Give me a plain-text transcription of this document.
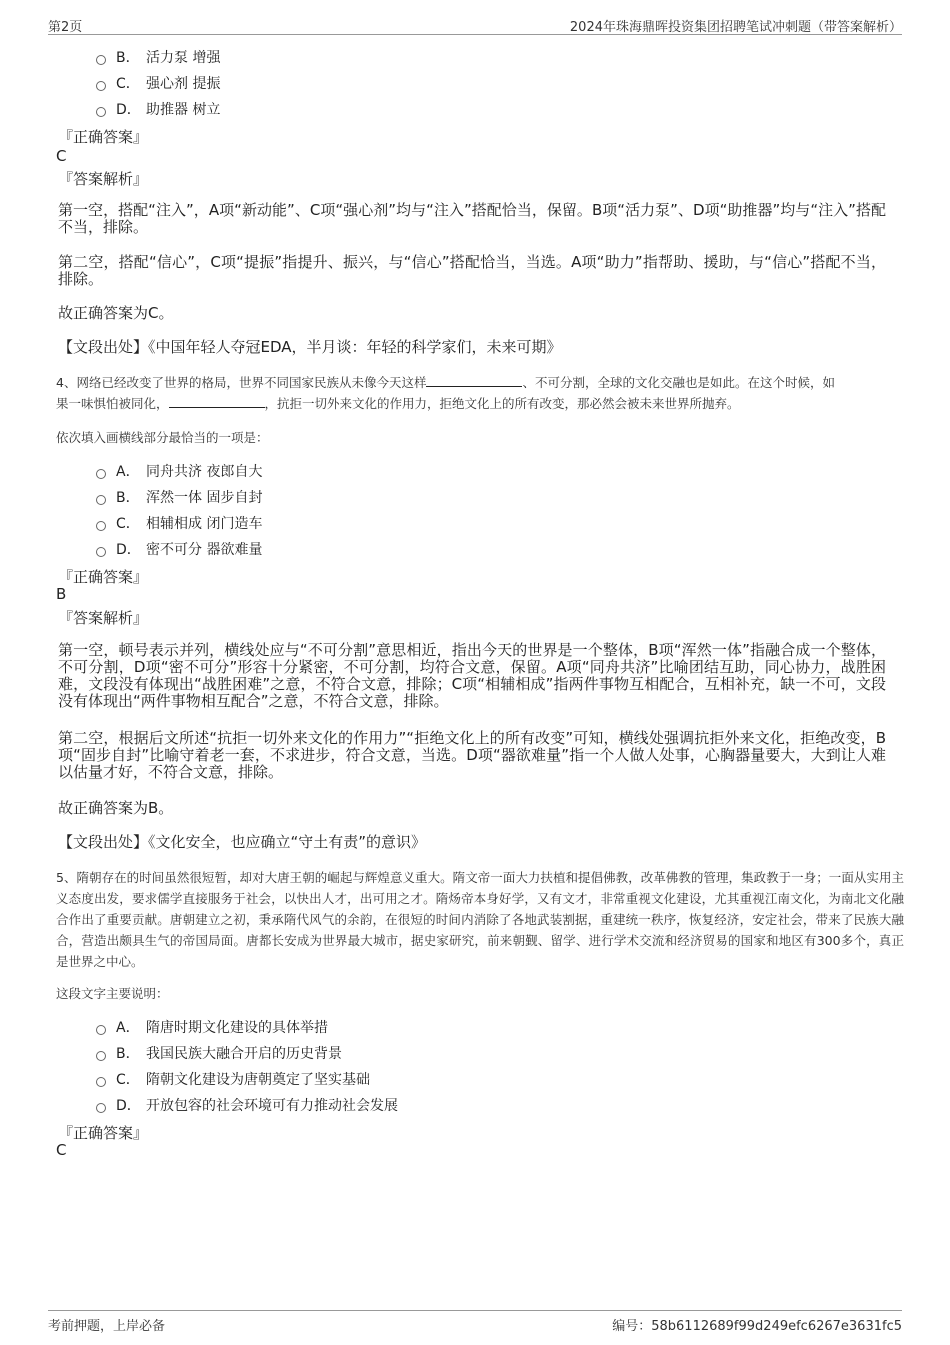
第2页	2024年珠海鼎晖投资集团招聘笔试冲刺题（带答案解析）
B． 活力泵 增强
C． 强心剂 提振
D． 助推器 树立
『正确答案』
C
『答案解析』
第一空，搭配“注入”，A项“新动能”、C项“强心剂”均与“注入”搭配恰当，保留。B项“活力泵”、D项“助推器”均与“注入”搭配不当，排除。
第二空，搭配“信心”，C项“提振”指提升、振兴，与“信心”搭配恰当，当选。A项“助力”指帮助、援助，与“信心”搭配不当，排除。
故正确答案为C。
【文段出处】《中国年轻人夺冠EDA，半月谈：年轻的科学家们，未来可期》
4、网络已经改变了世界的格局，世界不同国家民族从未像今天这样	、不可分割，全球的文化交融也是如此。在这个时候，如
果一味惧怕被同化，	，抗拒一切外来文化的作用力，拒绝文化上的所有改变，那必然会被未来世界所抛弃。
依次填入画横线部分最恰当的一项是：
A． 同舟共济 夜郎自大
B． 浑然一体 固步自封
C． 相辅相成 闭门造车
D． 密不可分 器欲难量
『正确答案』
B
『答案解析』
第一空，顿号表示并列，横线处应与“不可分割”意思相近，指出今天的世界是一个整体，B项“浑然一体”指融合成一个整体，不可分割，D项“密不可分”形容十分紧密，不可分割，均符合文意，保留。A项“同舟共济”比喻团结互助，同心协力，战胜困难，文段没有体现出“战胜困难”之意，不符合文意，排除；C项“相辅相成”指两件事物互相配合，互相补充，缺一不可，文段没有体现出“两件事物相互配合”之意，不符合文意，排除。
第二空，根据后文所述“抗拒一切外来文化的作用力”“拒绝文化上的所有改变”可知，横线处强调抗拒外来文化，拒绝改变，B项“固步自封”比喻守着老一套，不求进步，符合文意，当选。D项“器欲难量”指一个人做人处事，心胸器量要大，大到让人难以估量才好，不符合文意，排除。
故正确答案为B。
【文段出处】《文化安全，也应确立“守土有责”的意识》
5、隋朝存在的时间虽然很短暂，却对大唐王朝的崛起与辉煌意义重大。隋文帝一面大力扶植和提倡佛教，改革佛教的管理，集政教于一身；一面从实用主义态度出发，要求儒学直接服务于社会，以快出人才，出可用之才。隋炀帝本身好学，又有文才，非常重视文化建设，尤其重视江南文化，为南北文化融合作出了重要贡献。唐朝建立之初，秉承隋代风气的余韵，在很短的时间内消除了各地武装割据，重建统一秩序，恢复经济，安定社会，带来了民族大融合，营造出颇具生气的帝国局面。唐都长安成为世界最大城市，据史家研究，前来朝觐、留学、进行学术交流和经济贸易的国家和地区有300多个，真正是世界之中心。
这段文字主要说明：
A． 隋唐时期文化建设的具体举措
B． 我国民族大融合开启的历史背景
C． 隋朝文化建设为唐朝奠定了坚实基础
D． 开放包容的社会环境可有力推动社会发展
『正确答案』
C
考前押题，上岸必备	编号：58b6112689f99d249efc6267e3631fc5
